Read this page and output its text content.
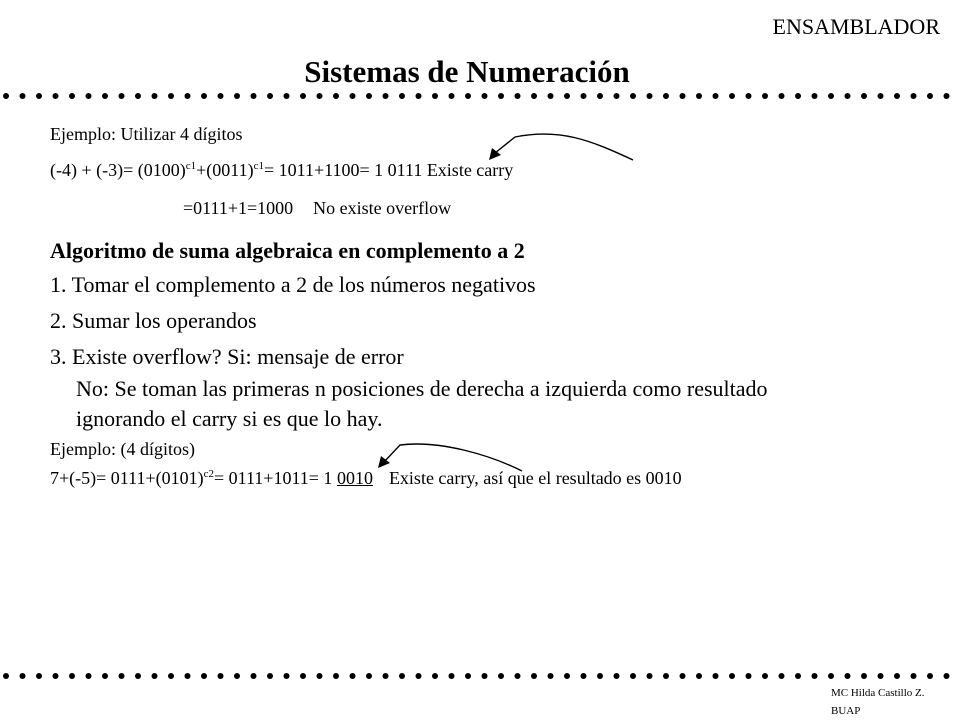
ENSAMBLADOR
Sistemas de Numeración
Ejemplo: Utilizar 4 dígitos
$(-4) + (-3)= (0100)^{c1}+(0011)^{c1}= 1011+1100= 1$ 0111 Existe carry
=0111+1=1000 No existe overflow
Algoritmo de suma algebraica en complemento a 2
1. Tomar el complemento a 2 de los números negativos
2. Sumar los operandos
3. Existe overflow? Si: mensaje de error
No: Se toman las primeras n posiciones de derecha a izquierda como resultado
ignorando el carry si es que lo hay.
Ejemplo: (4 dígitos)
$7+(-5)= 0111+(0101)^{c2}= 0111+1011= 1$ 0010 Existe carry, así que el resultado es 0010
MC Hilda Castillo Z.
BUAP
